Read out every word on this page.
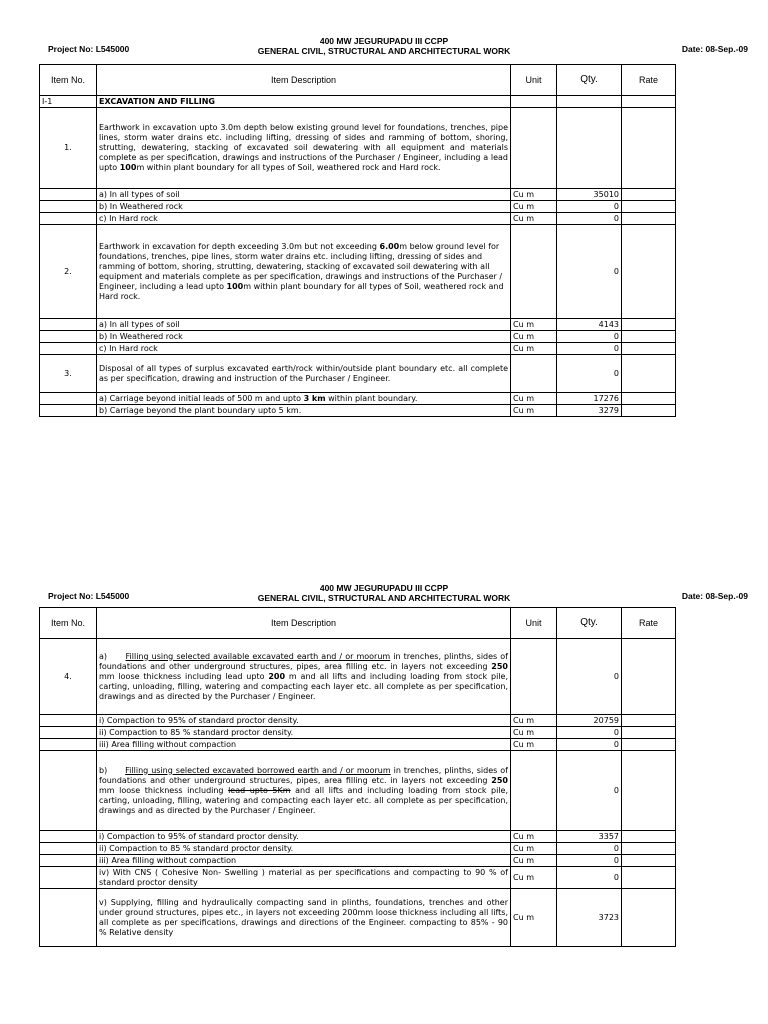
Project No: L545000
400 MW JEGURUPADU III CCPP
GENERAL CIVIL, STRUCTURAL AND ARCHITECTURAL WORK	Date: 08-Sep.-09
Item No.	Item Description	Unit	Qty.	Rate
I-1	EXCAVATION AND FILLING			
1.	Earthwork in excavation upto 3.0m depth below existing ground level for foundations, trenches, pipe lines, storm water drains etc. including lifting, dressing of sides and ramming of bottom, shoring, strutting, dewatering, stacking of excavated soil dewatering with all equipment and materials complete as per specification, drawings and instructions of the Purchaser / Engineer, including a lead upto 100m within plant boundary for all types of Soil, weathered rock and Hard rock.			
	a) In all types of soil	Cu m	35010	
	b) In Weathered rock	Cu m	0	
	c) In Hard rock	Cu m	0	
2.	Earthwork in excavation for depth exceeding 3.0m but not exceeding 6.00m below ground level for foundations, trenches, pipe lines, storm water drains etc. including lifting, dressing of sides and ramming of bottom, shoring, strutting, dewatering, stacking of excavated soil dewatering with all equipment and materials complete as per specification, drawings and instructions of the Purchaser / Engineer, including a lead upto 100m within plant boundary for all types of Soil, weathered rock and Hard rock.		0	
	a) In all types of soil	Cu m	4143	
	b) In Weathered rock	Cu m	0	
	c) In Hard rock	Cu m	0	
3.	Disposal of all types of surplus excavated earth/rock within/outside plant boundary etc. all complete as per specification, drawing and instruction of the Purchaser / Engineer.		0	
	a) Carriage beyond initial leads of 500 m and upto 3 km within plant boundary.	Cu m	17276	
	b) Carriage beyond the plant boundary upto 5 km.	Cu m	3279	
Project No: L545000
400 MW JEGURUPADU III CCPP
GENERAL CIVIL, STRUCTURAL AND ARCHITECTURAL WORK	Date: 08-Sep.-09
Item No.	Item Description	Unit	Qty.	Rate
4.	a)      Filling using selected available excavated earth and / or moorum in trenches, plinths, sides of foundations and other underground structures, pipes, area filling etc. in layers not exceeding 250 mm loose thickness including lead upto 200 m and all lifts and including loading from stock pile, carting, unloading, filling, watering and compacting each layer etc. all complete as per specification, drawings and as directed by the Purchaser / Engineer.		0	
	i) Compaction to 95% of standard proctor density.	Cu m	20759	
	ii) Compaction to 85 % standard proctor density.	Cu m	0	
	iii) Area filling without compaction	Cu m	0	
	b)      Filling using selected excavated borrowed earth and / or moorum in trenches, plinths, sides of foundations and other underground structures, pipes, area filling etc. in layers not exceeding 250 mm loose thickness including lead upto 5Km and all lifts and including loading from stock pile, carting, unloading, filling, watering and compacting each layer etc. all complete as per specification, drawings and as directed by the Purchaser / Engineer.		0	
	i) Compaction to 95% of standard proctor density.	Cu m	3357	
	ii) Compaction to 85 % standard proctor density.	Cu m	0	
	iii) Area filling without compaction	Cu m	0	
	iv) With CNS ( Cohesive Non- Swelling ) material as per specifications and compacting to 90 % of standard proctor density	Cu m	0	
	v) Supplying, filling and hydraulically compacting sand in plinths, foundations, trenches and other under ground structures, pipes etc., in layers not exceeding 200mm loose thickness including all lifts, all complete as per specifications, drawings and directions of the Engineer. compacting to 85% - 90 % Relative density	Cu m	3723	
